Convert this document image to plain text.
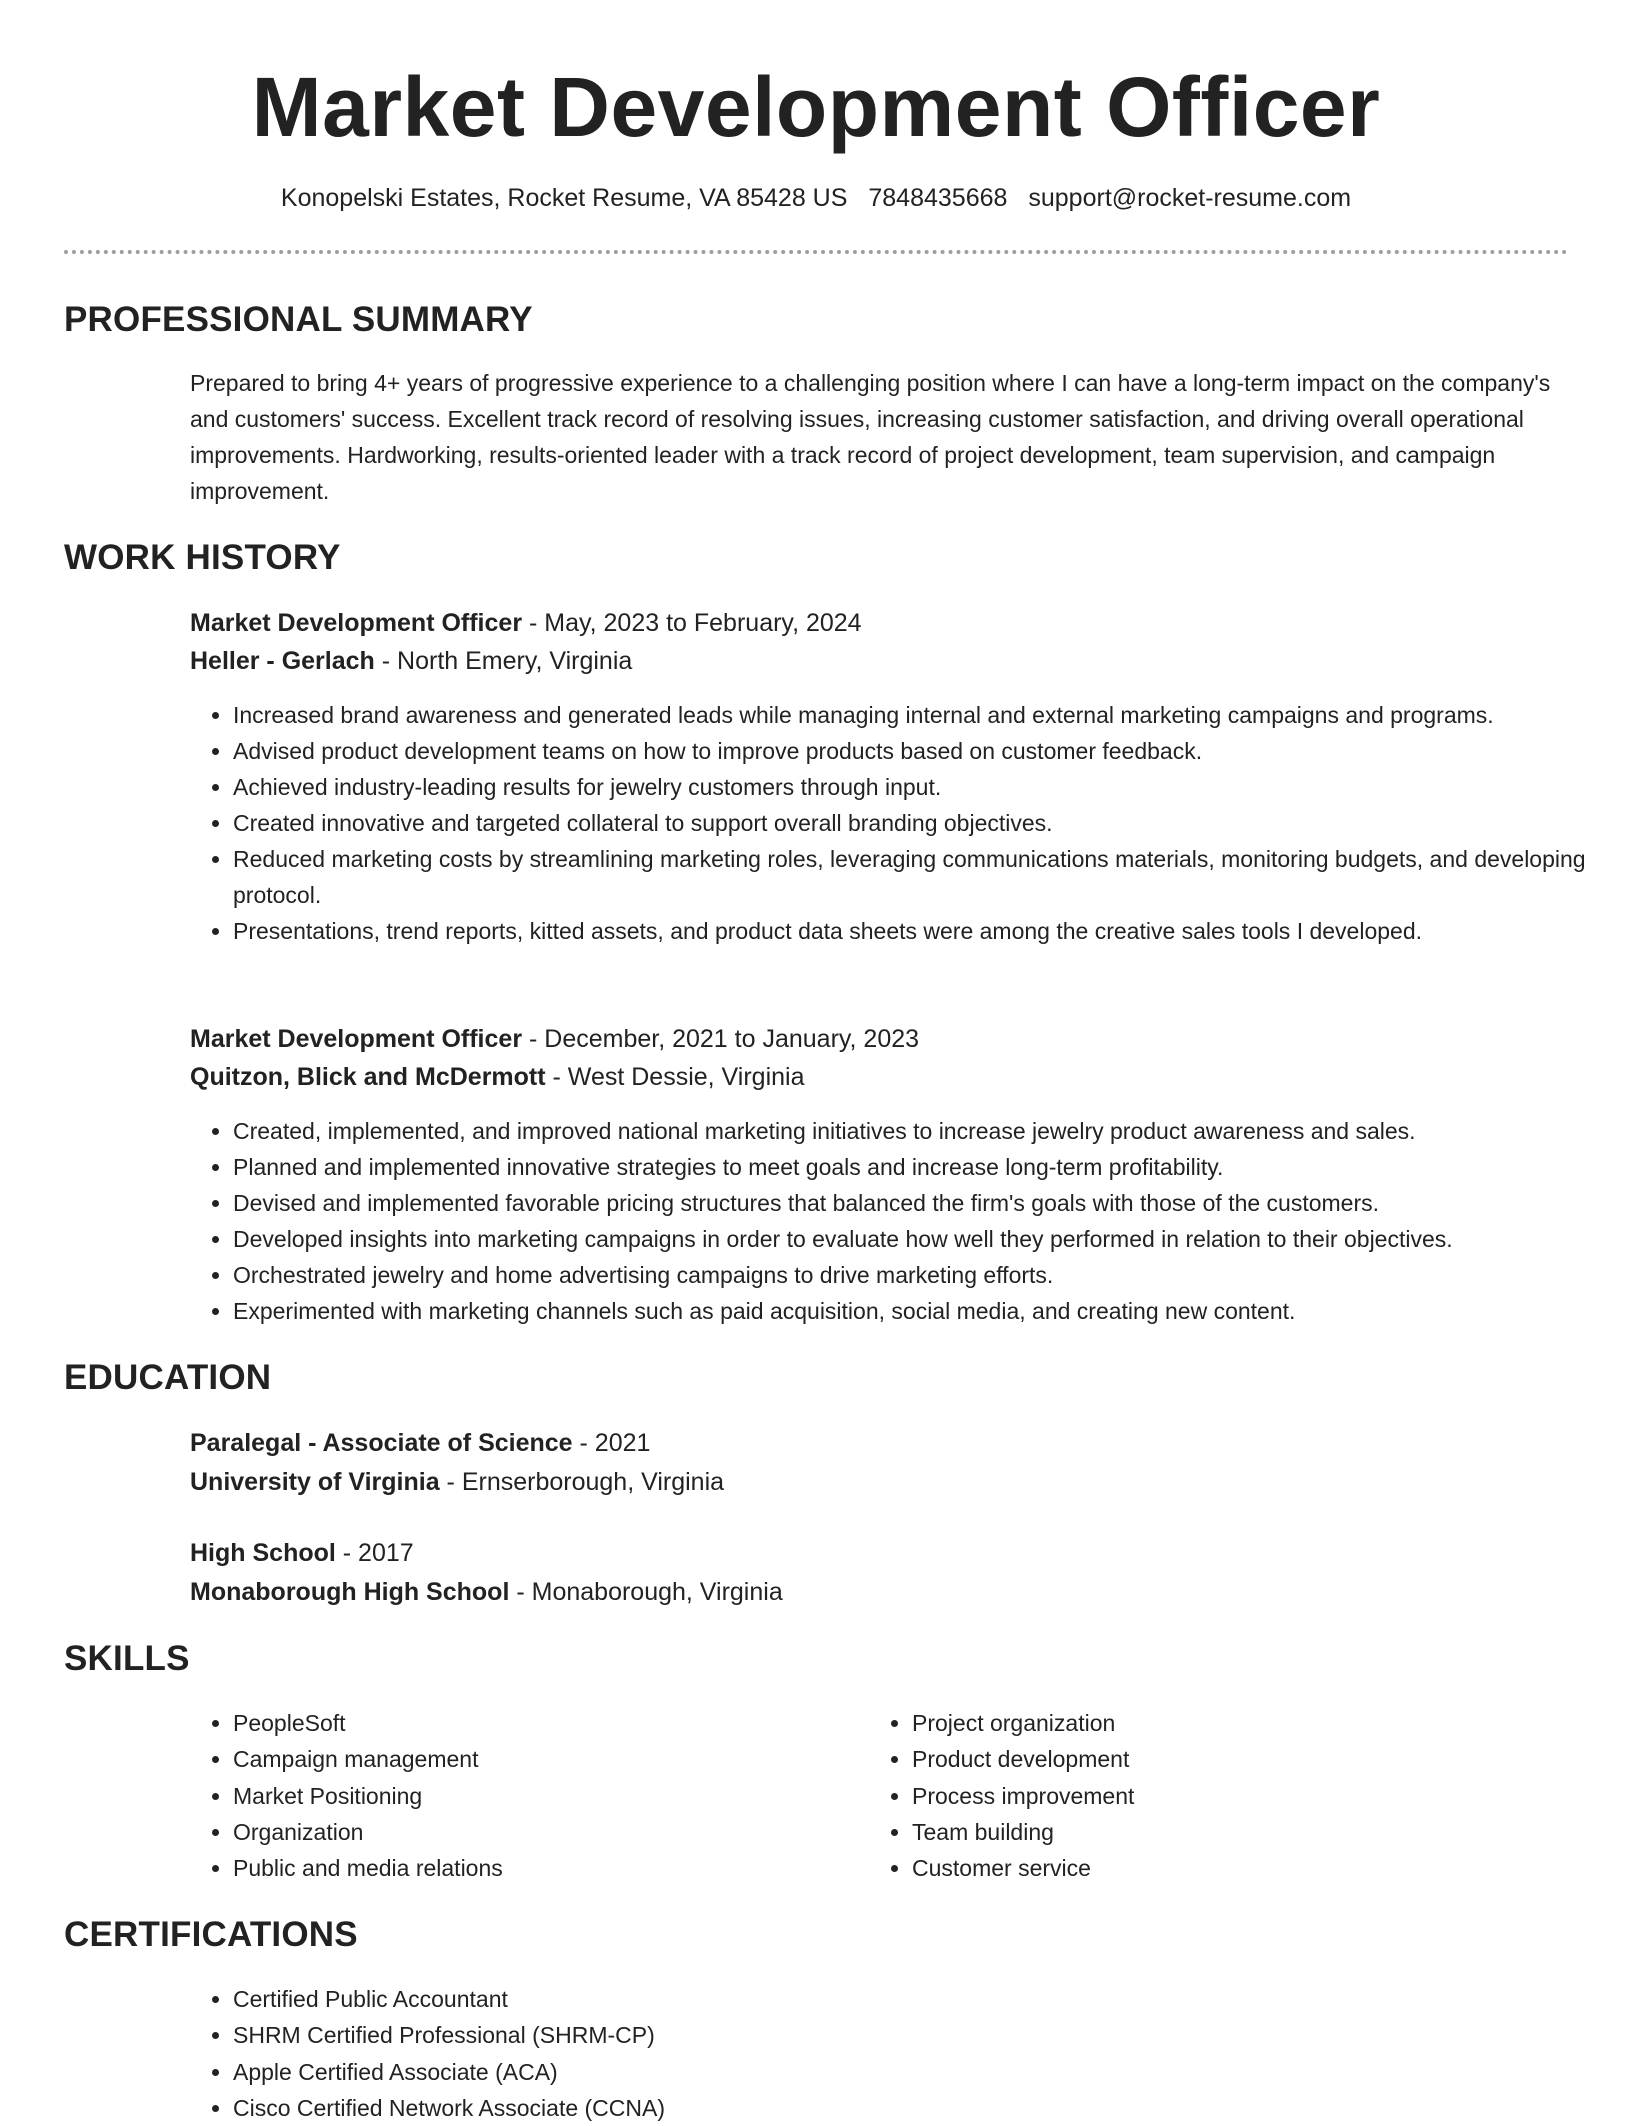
Market Development Officer
Konopelski Estates, Rocket Resume, VA 85428 US 7848435668 support@rocket-resume.com
PROFESSIONAL SUMMARY

Prepared to bring 4+ years of progressive experience to a challenging position where I can have a long-term impact on the company's and customers' success. Excellent track record of resolving issues, increasing customer satisfaction, and driving overall operational improvements. Hardworking, results-oriented leader with a track record of project development, team supervision, and campaign improvement.

WORK HISTORY
Market Development Officer - May, 2023 to February, 2024
Heller - Gerlach - North Emery, Virginia
• Increased brand awareness and generated leads while managing internal and external marketing campaigns and programs.
• Advised product development teams on how to improve products based on customer feedback.
• Achieved industry-leading results for jewelry customers through input.
• Created innovative and targeted collateral to support overall branding objectives.
• Reduced marketing costs by streamlining marketing roles, leveraging communications materials, monitoring budgets, and developing protocol.
• Presentations, trend reports, kitted assets, and product data sheets were among the creative sales tools I developed.
Market Development Officer - December, 2021 to January, 2023
Quitzon, Blick and McDermott - West Dessie, Virginia
• Created, implemented, and improved national marketing initiatives to increase jewelry product awareness and sales.
• Planned and implemented innovative strategies to meet goals and increase long-term profitability.
• Devised and implemented favorable pricing structures that balanced the firm's goals with those of the customers.
• Developed insights into marketing campaigns in order to evaluate how well they performed in relation to their objectives.
• Orchestrated jewelry and home advertising campaigns to drive marketing efforts.
• Experimented with marketing channels such as paid acquisition, social media, and creating new content.
EDUCATION
Paralegal - Associate of Science - 2021
University of Virginia - Ernserborough, Virginia
High School - 2017
Monaborough High School - Monaborough, Virginia
SKILLS
• PeopleSoft
• Campaign management
• Market Positioning
• Organization
• Public and media relations
• Project organization
• Product development
• Process improvement
• Team building
• Customer service
CERTIFICATIONS
• Certified Public Accountant
• SHRM Certified Professional (SHRM-CP)
• Apple Certified Associate (ACA)
• Cisco Certified Network Associate (CCNA)
